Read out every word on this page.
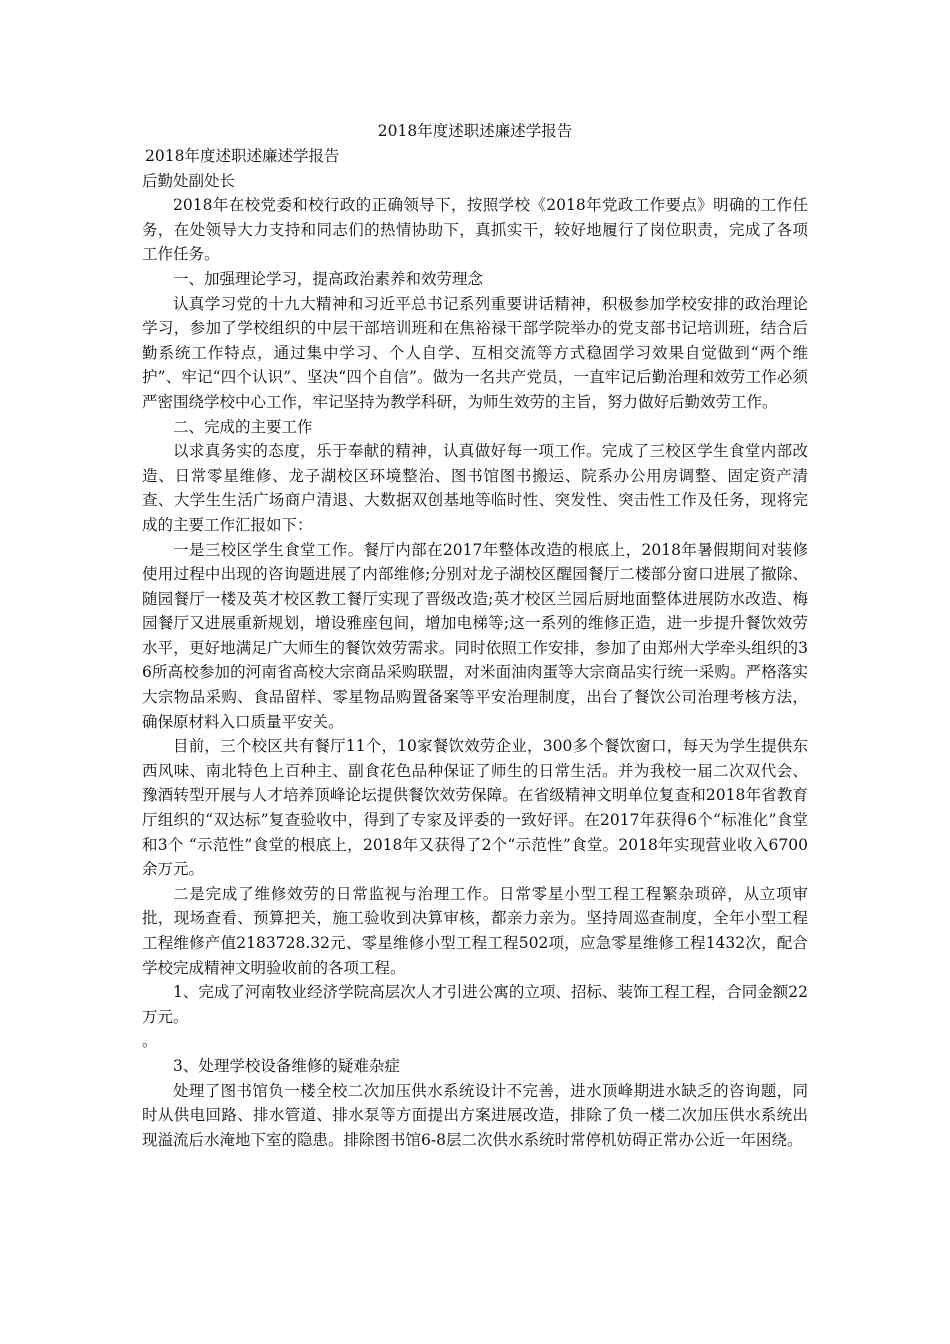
2018年度述职述廉述学报告

2018年度述职述廉述学报告

后勤处副处长

2018年在校党委和校行政的正确领导下，按照学校《2018年党政工作要点》明确的工作任务，在处领导大力支持和同志们的热情协助下，真抓实干，较好地履行了岗位职责，完成了各项工作任务。

一、加强理论学习，提高政治素养和效劳理念

认真学习党的十九大精神和习近平总书记系列重要讲话精神，积极参加学校安排的政治理论学习，参加了学校组织的中层干部培训班和在焦裕禄干部学院举办的党支部书记培训班，结合后勤系统工作特点，通过集中学习、个人自学、互相交流等方式稳固学习效果自觉做到“两个维护”、牢记“四个认识”、坚决“四个自信”。做为一名共产党员，一直牢记后勤治理和效劳工作必须严密围绕学校中心工作，牢记坚持为教学科研，为师生效劳的主旨，努力做好后勤效劳工作。

二、完成的主要工作

以求真务实的态度，乐于奉献的精神，认真做好每一项工作。完成了三校区学生食堂内部改造、日常零星维修、龙子湖校区环境整治、图书馆图书搬运、院系办公用房调整、固定资产清查、大学生生活广场商户清退、大数据双创基地等临时性、突发性、突击性工作及任务，现将完成的主要工作汇报如下：

一是三校区学生食堂工作。餐厅内部在2017年整体改造的根底上，2018年暑假期间对装修使用过程中出现的咨询题进展了内部维修;分别对龙子湖校区醒园餐厅二楼部分窗口进展了撤除、随园餐厅一楼及英才校区教工餐厅实现了晋级改造;英才校区兰园后厨地面整体进展防水改造、梅园餐厅又进展重新规划，增设雅座包间，增加电梯等;这一系列的维修正造，进一步提升餐饮效劳水平，更好地满足广大师生的餐饮效劳需求。同时依照工作安排，参加了由郑州大学牵头组织的36所高校参加的河南省高校大宗商品采购联盟，对米面油肉蛋等大宗商品实行统一采购。严格落实大宗物品采购、食品留样、零星物品购置备案等平安治理制度，出台了餐饮公司治理考核方法，确保原材料入口质量平安关。

目前，三个校区共有餐厅11个，10家餐饮效劳企业，300多个餐饮窗口，每天为学生提供东西风味、南北特色上百种主、副食花色品种保证了师生的日常生活。并为我校一届二次双代会、豫酒转型开展与人才培养顶峰论坛提供餐饮效劳保障。在省级精神文明单位复查和2018年省教育厅组织的“双达标”复查验收中，得到了专家及评委的一致好评。在2017年获得6个“标准化”食堂和3个 “示范性”食堂的根底上，2018年又获得了2个“示范性”食堂。2018年实现营业收入6700余万元。

二是完成了维修效劳的日常监视与治理工作。日常零星小型工程工程繁杂琐碎，从立项审批，现场查看、预算把关，施工验收到决算审核，都亲力亲为。坚持周巡查制度，全年小型工程工程维修产值2183728.32元、零星维修小型工程工程502项，应急零星维修工程1432次，配合学校完成精神文明验收前的各项工程。

1、完成了河南牧业经济学院高层次人才引进公寓的立项、招标、装饰工程工程，合同金额22万元。

。

3、处理学校设备维修的疑难杂症

处理了图书馆负一楼全校二次加压供水系统设计不完善，进水顶峰期进水缺乏的咨询题，同时从供电回路、排水管道、排水泵等方面提出方案进展改造，排除了负一楼二次加压供水系统出现溢流后水淹地下室的隐患。排除图书馆6-8层二次供水系统时常停机妨碍正常办公近一年困绕。
